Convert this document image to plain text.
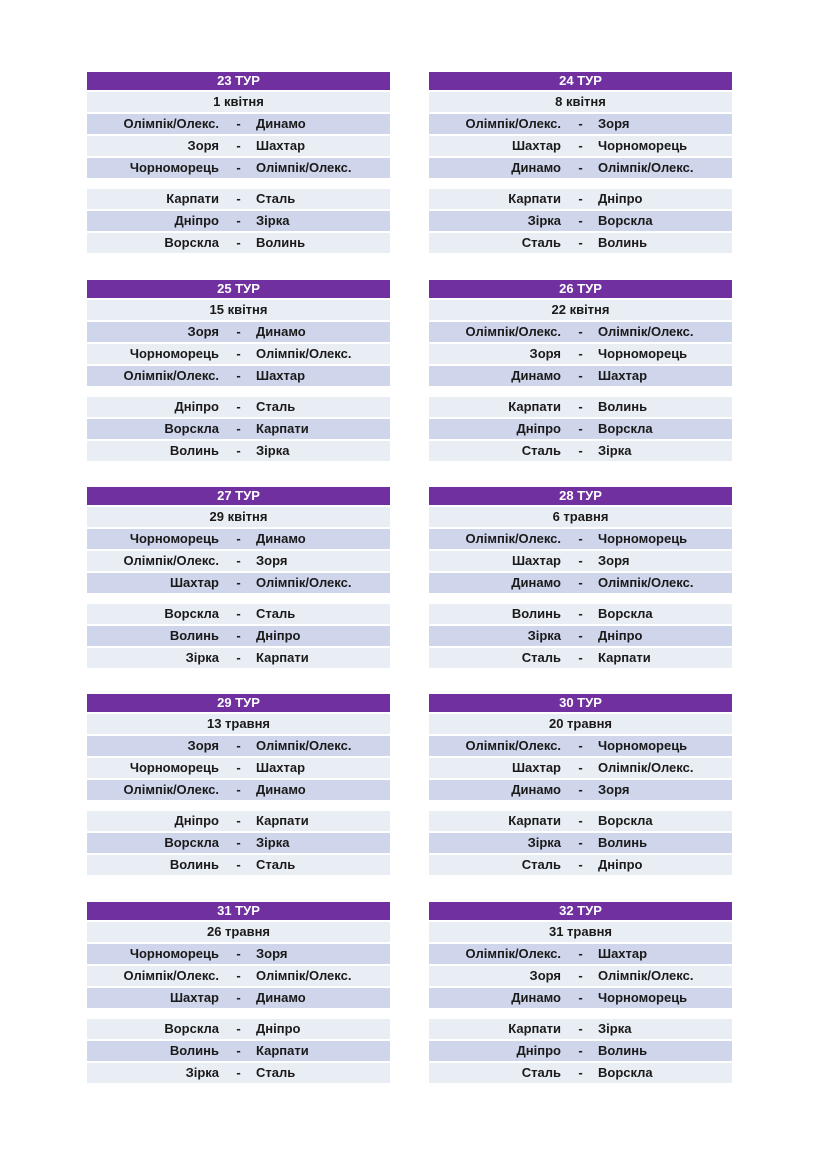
23 ТУР
1 квітня
Олімпік/Олекс.	-	Динамо
Зоря	-	Шахтар
Чорноморець	-	Олімпік/Олекс.
Карпати	-	Сталь
Дніпро	-	Зірка
Ворскла	-	Волинь
24 ТУР
8 квітня
Олімпік/Олекс.	-	Зоря
Шахтар	-	Чорноморець
Динамо	-	Олімпік/Олекс.
Карпати	-	Дніпро
Зірка	-	Ворскла
Сталь	-	Волинь
25 ТУР
15 квітня
Зоря	-	Динамо
Чорноморець	-	Олімпік/Олекс.
Олімпік/Олекс.	-	Шахтар
Дніпро	-	Сталь
Ворскла	-	Карпати
Волинь	-	Зірка
26 ТУР
22 квітня
Олімпік/Олекс.	-	Олімпік/Олекс.
Зоря	-	Чорноморець
Динамо	-	Шахтар
Карпати	-	Волинь
Дніпро	-	Ворскла
Сталь	-	Зірка
27 ТУР
29 квітня
Чорноморець	-	Динамо
Олімпік/Олекс.	-	Зоря
Шахтар	-	Олімпік/Олекс.
Ворскла	-	Сталь
Волинь	-	Дніпро
Зірка	-	Карпати
28 ТУР
6 травня
Олімпік/Олекс.	-	Чорноморець
Шахтар	-	Зоря
Динамо	-	Олімпік/Олекс.
Волинь	-	Ворскла
Зірка	-	Дніпро
Сталь	-	Карпати
29 ТУР
13 травня
Зоря	-	Олімпік/Олекс.
Чорноморець	-	Шахтар
Олімпік/Олекс.	-	Динамо
Дніпро	-	Карпати
Ворскла	-	Зірка
Волинь	-	Сталь
30 ТУР
20 травня
Олімпік/Олекс.	-	Чорноморець
Шахтар	-	Олімпік/Олекс.
Динамо	-	Зоря
Карпати	-	Ворскла
Зірка	-	Волинь
Сталь	-	Дніпро
31 ТУР
26 травня
Чорноморець	-	Зоря
Олімпік/Олекс.	-	Олімпік/Олекс.
Шахтар	-	Динамо
Ворскла	-	Дніпро
Волинь	-	Карпати
Зірка	-	Сталь
32 ТУР
31 травня
Олімпік/Олекс.	-	Шахтар
Зоря	-	Олімпік/Олекс.
Динамо	-	Чорноморець
Карпати	-	Зірка
Дніпро	-	Волинь
Сталь	-	Ворскла
